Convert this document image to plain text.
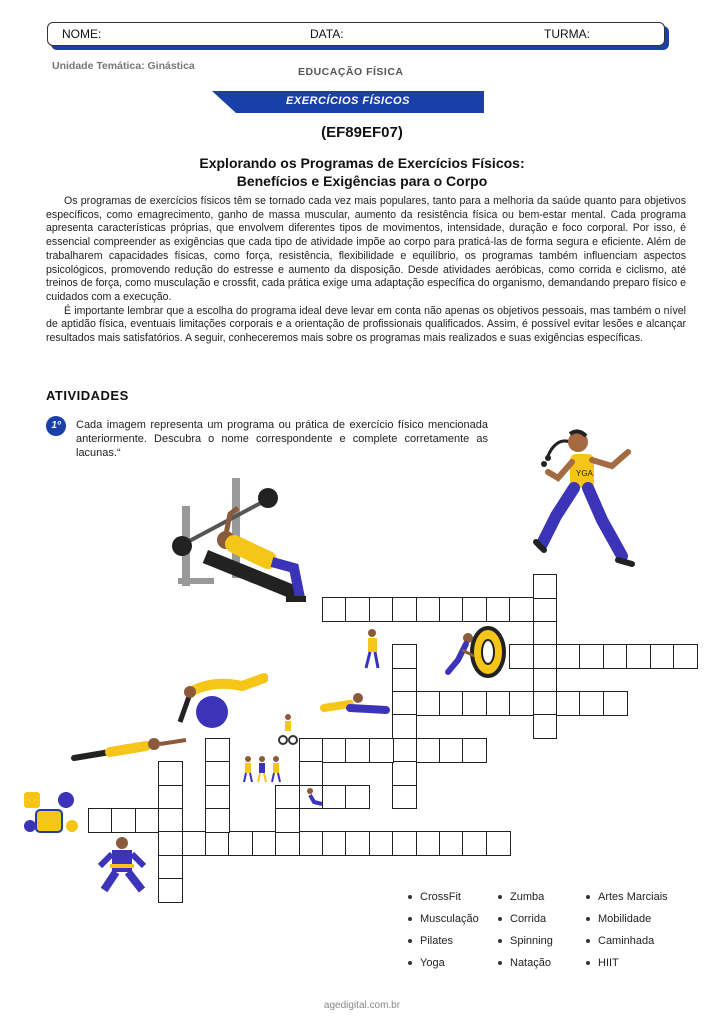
NOME:	DATA:	TURMA:
Unidade Temática: Ginástica	EDUCAÇÃO FÍSICA
EXERCÍCIOS FÍSICOS
(EF89EF07)
Explorando os Programas de Exercícios Físicos:
Benefícios e Exigências para o Corpo

Os programas de exercícios físicos têm se tornado cada vez mais populares, tanto para a melhoria da saúde quanto para objetivos específicos, como emagrecimento, ganho de massa muscular, aumento da resistência física ou bem-estar mental. Cada programa apresenta características próprias, que envolvem diferentes tipos de movimentos, intensidade, duração e foco corporal. Por isso, é essencial compreender as exigências que cada tipo de atividade impõe ao corpo para praticá-las de forma segura e eficiente. Além de trabalharem capacidades físicas, como força, resistência, flexibilidade e equilíbrio, os programas também influenciam aspectos psicológicos, promovendo redução do estresse e aumento da disposição. Desde atividades aeróbicas, como corrida e ciclismo, até treinos de força, como musculação e crossfit, cada prática exige uma adaptação específica do organismo, demandando preparo físico e cuidados com a execução.

É importante lembrar que a escolha do programa ideal deve levar em conta não apenas os objetivos pessoais, mas também o nível de aptidão física, eventuais limitações corporais e a orientação de profissionais qualificados. Assim, é possível evitar lesões e alcançar resultados mais satisfatórios. A seguir, conheceremos mais sobre os programas mais realizados e suas exigências específicas.

ATIVIDADES
1º	Cada imagem representa um programa ou prática de exercício físico mencionada anteriormente. Descubra o nome correspondente e complete corretamente as lacunas.“
YGA
CrossFit
Musculação
Pilates
Yoga
Zumba
Corrida
Spinning
Natação
Artes Marciais
Mobilidade
Caminhada
HIIT
agedigital.com.br
